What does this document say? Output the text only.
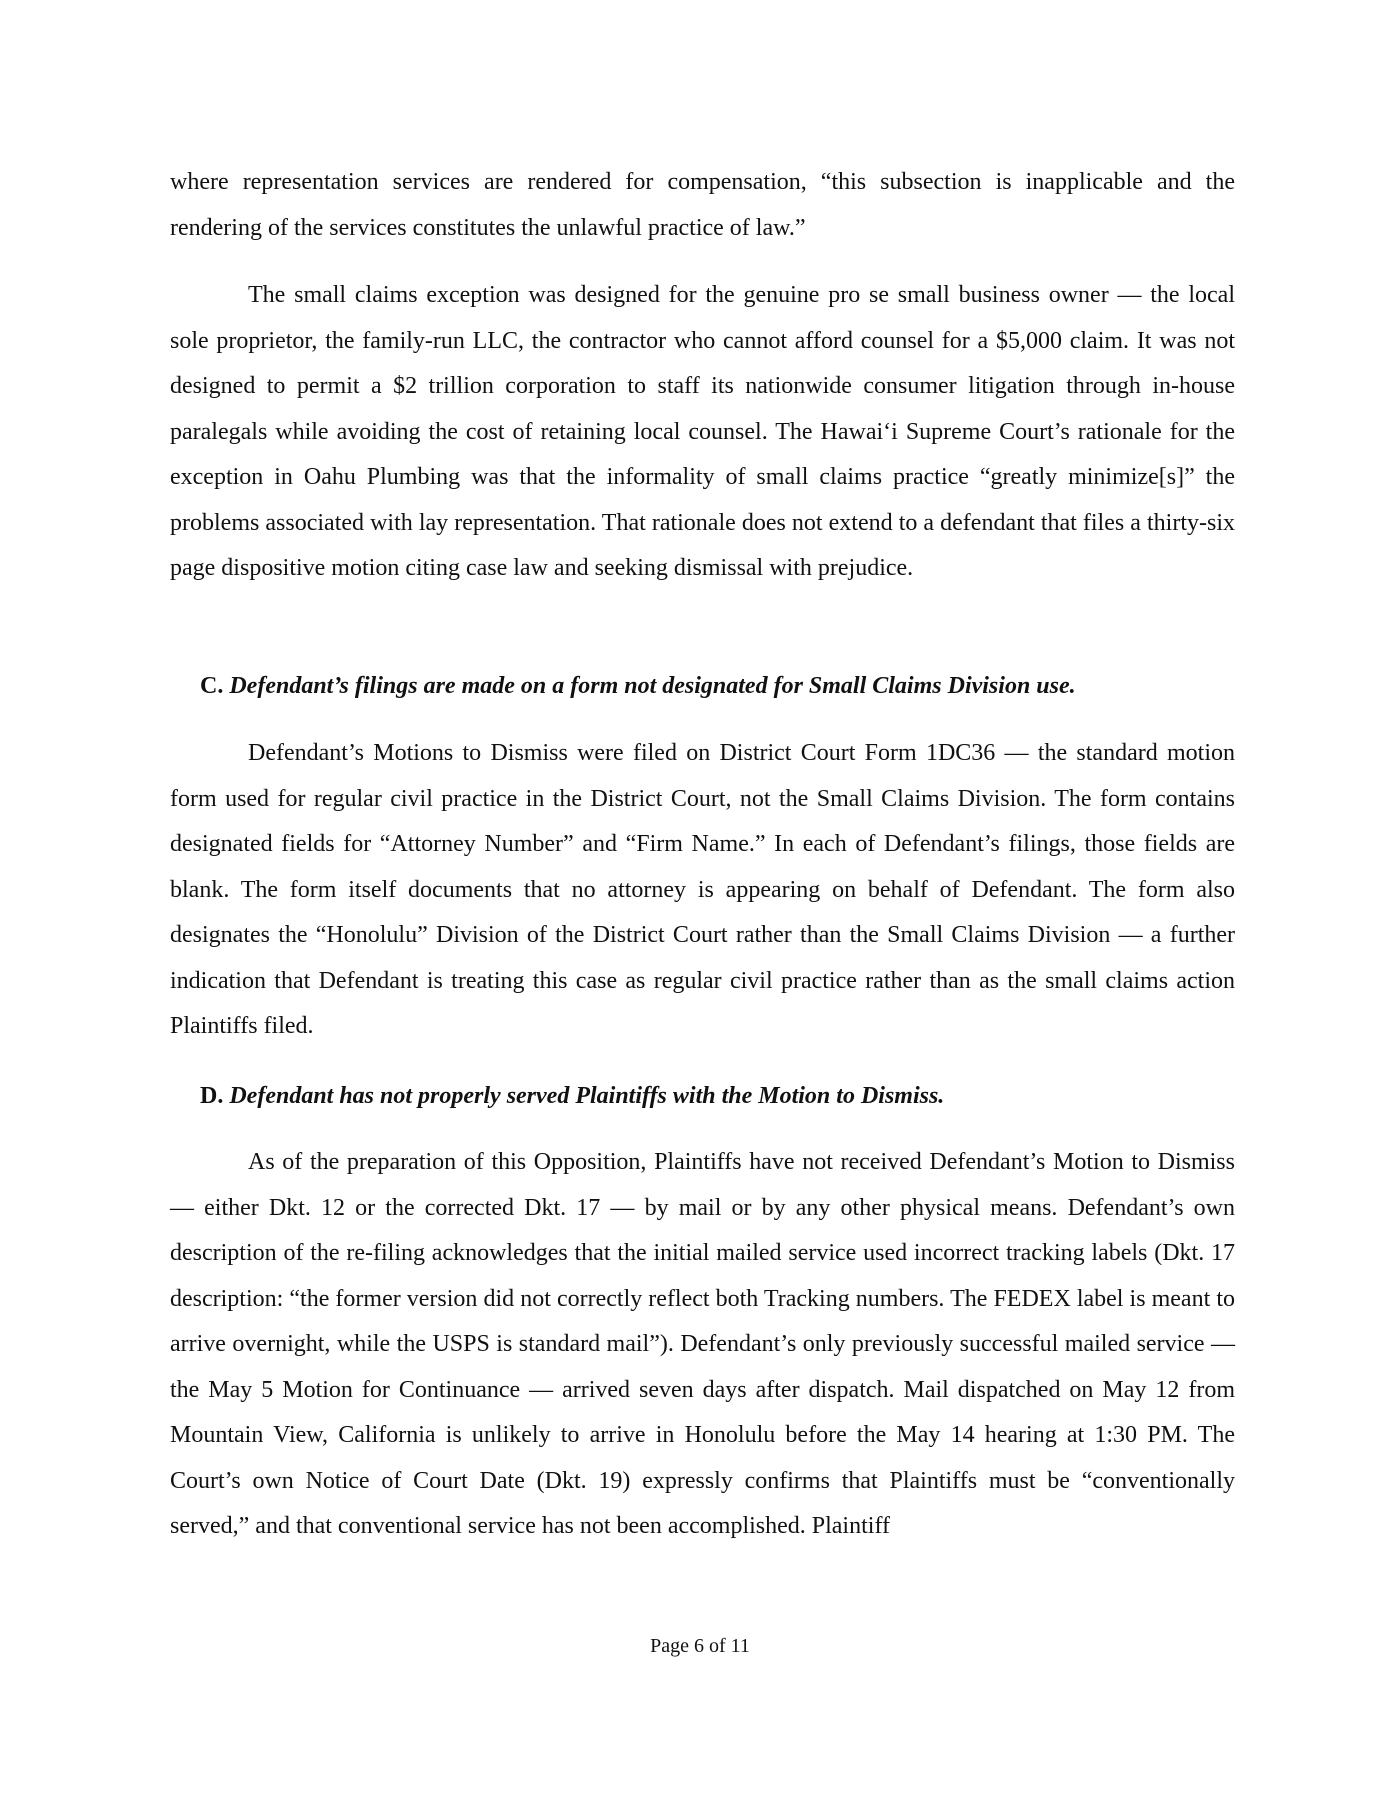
where representation services are rendered for compensation, “this subsection is inapplicable and the rendering of the services constitutes the unlawful practice of law.”

The small claims exception was designed for the genuine pro se small business owner — the local sole proprietor, the family-run LLC, the contractor who cannot afford counsel for a $5,000 claim. It was not designed to permit a $2 trillion corporation to staff its nationwide consumer litigation through in-house paralegals while avoiding the cost of retaining local counsel. The Hawai‘i Supreme Court’s rationale for the exception in Oahu Plumbing was that the informality of small claims practice “greatly minimize[s]” the problems associated with lay representation. That rationale does not extend to a defendant that files a thirty-six page dispositive motion citing case law and seeking dismissal with prejudice.

C. Defendant’s filings are made on a form not designated for Small Claims Division use.

Defendant’s Motions to Dismiss were filed on District Court Form 1DC36 — the standard motion form used for regular civil practice in the District Court, not the Small Claims Division. The form contains designated fields for “Attorney Number” and “Firm Name.” In each of Defendant’s filings, those fields are blank. The form itself documents that no attorney is appearing on behalf of Defendant. The form also designates the “Honolulu” Division of the District Court rather than the Small Claims Division — a further indication that Defendant is treating this case as regular civil practice rather than as the small claims action Plaintiffs filed.

D. Defendant has not properly served Plaintiffs with the Motion to Dismiss.

As of the preparation of this Opposition, Plaintiffs have not received Defendant’s Motion to Dismiss — either Dkt. 12 or the corrected Dkt. 17 — by mail or by any other physical means. Defendant’s own description of the re-filing acknowledges that the initial mailed service used incorrect tracking labels (Dkt. 17 description: “the former version did not correctly reflect both Tracking numbers. The FEDEX label is meant to arrive overnight, while the USPS is standard mail”). Defendant’s only previously successful mailed service — the May 5 Motion for Continuance — arrived seven days after dispatch. Mail dispatched on May 12 from Mountain View, California is unlikely to arrive in Honolulu before the May 14 hearing at 1:30 PM. The Court’s own Notice of Court Date (Dkt. 19) expressly confirms that Plaintiffs must be “conventionally served,” and that conventional service has not been accomplished. Plaintiff

Page 6 of 11
